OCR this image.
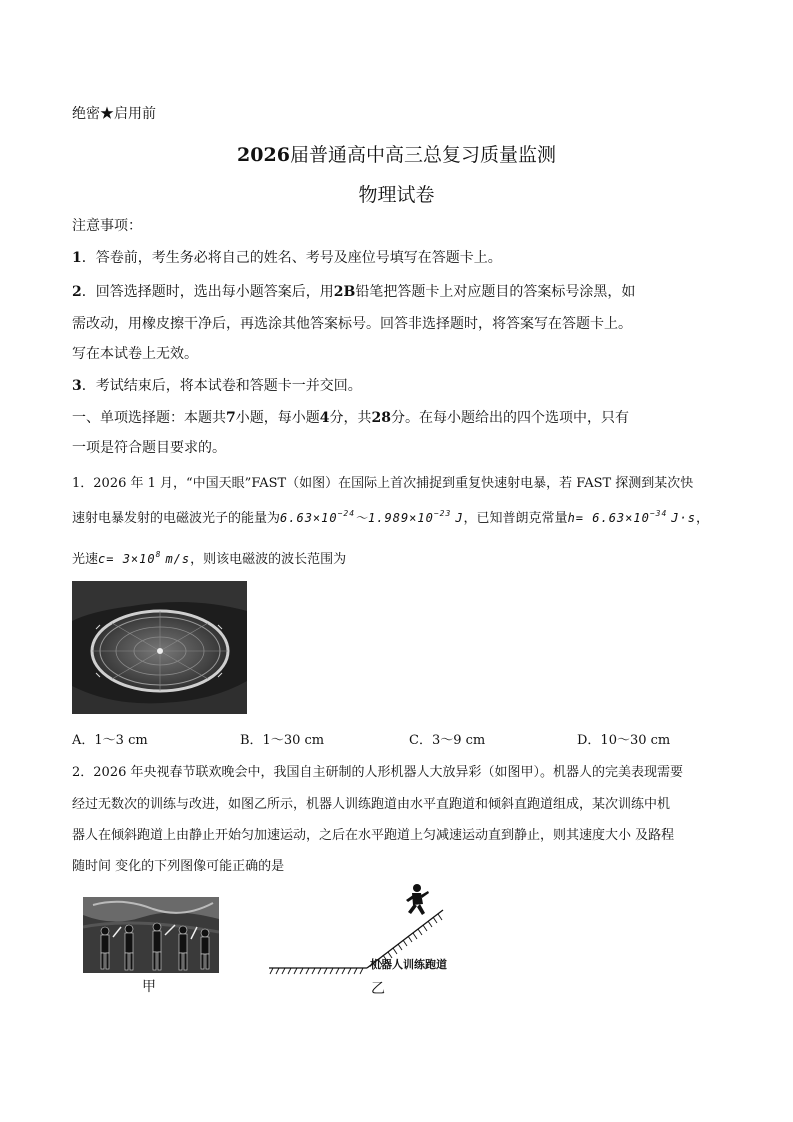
绝密★启用前
2026届普通高中高三总复习质量监测
物理试卷
注意事项：
1．答卷前，考生务必将自己的姓名、考号及座位号填写在答题卡上。
2．回答选择题时，选出每小题答案后，用2B铅笔把答题卡上对应题目的答案标号涂黑，如
需改动，用橡皮擦干净后，再选涂其他答案标号。回答非选择题时，将答案写在答题卡上。
写在本试卷上无效。
3．考试结束后，将本试卷和答题卡一并交回。
一、单项选择题：本题共7小题，每小题4分，共28分。在每小题给出的四个选项中，只有
一项是符合题目要求的。
1．2026 年 1 月，“中国天眼”FAST（如图）在国际上首次捕捉到重复快速射电暴，若 FAST 探测到某次快
速射电暴发射的电磁波光子的能量为$6.63\times 10^{-24}\sim 1.989\times 10^{-23}$ J，已知普朗克常量$h= 6.63\times 10^{-34}$ J·s，
光速$c= 3\times 10^8$ m/s，则该电磁波的波长范围为
A．1～3 cm	B．1～30 cm	C．3～9 cm	D．10～30 cm
2．2026 年央视春节联欢晚会中，我国自主研制的人形机器人大放异彩（如图甲）。机器人的完美表现需要
经过无数次的训练与改进，如图乙所示，机器人训练跑道由水平直跑道和倾斜直跑道组成，某次训练中机
器人在倾斜跑道上由静止开始匀加速运动，之后在水平跑道上匀减速运动直到静止，则其速度大小 及路程
随时间 变化的下列图像可能正确的是
甲
机器人训练跑道
乙
